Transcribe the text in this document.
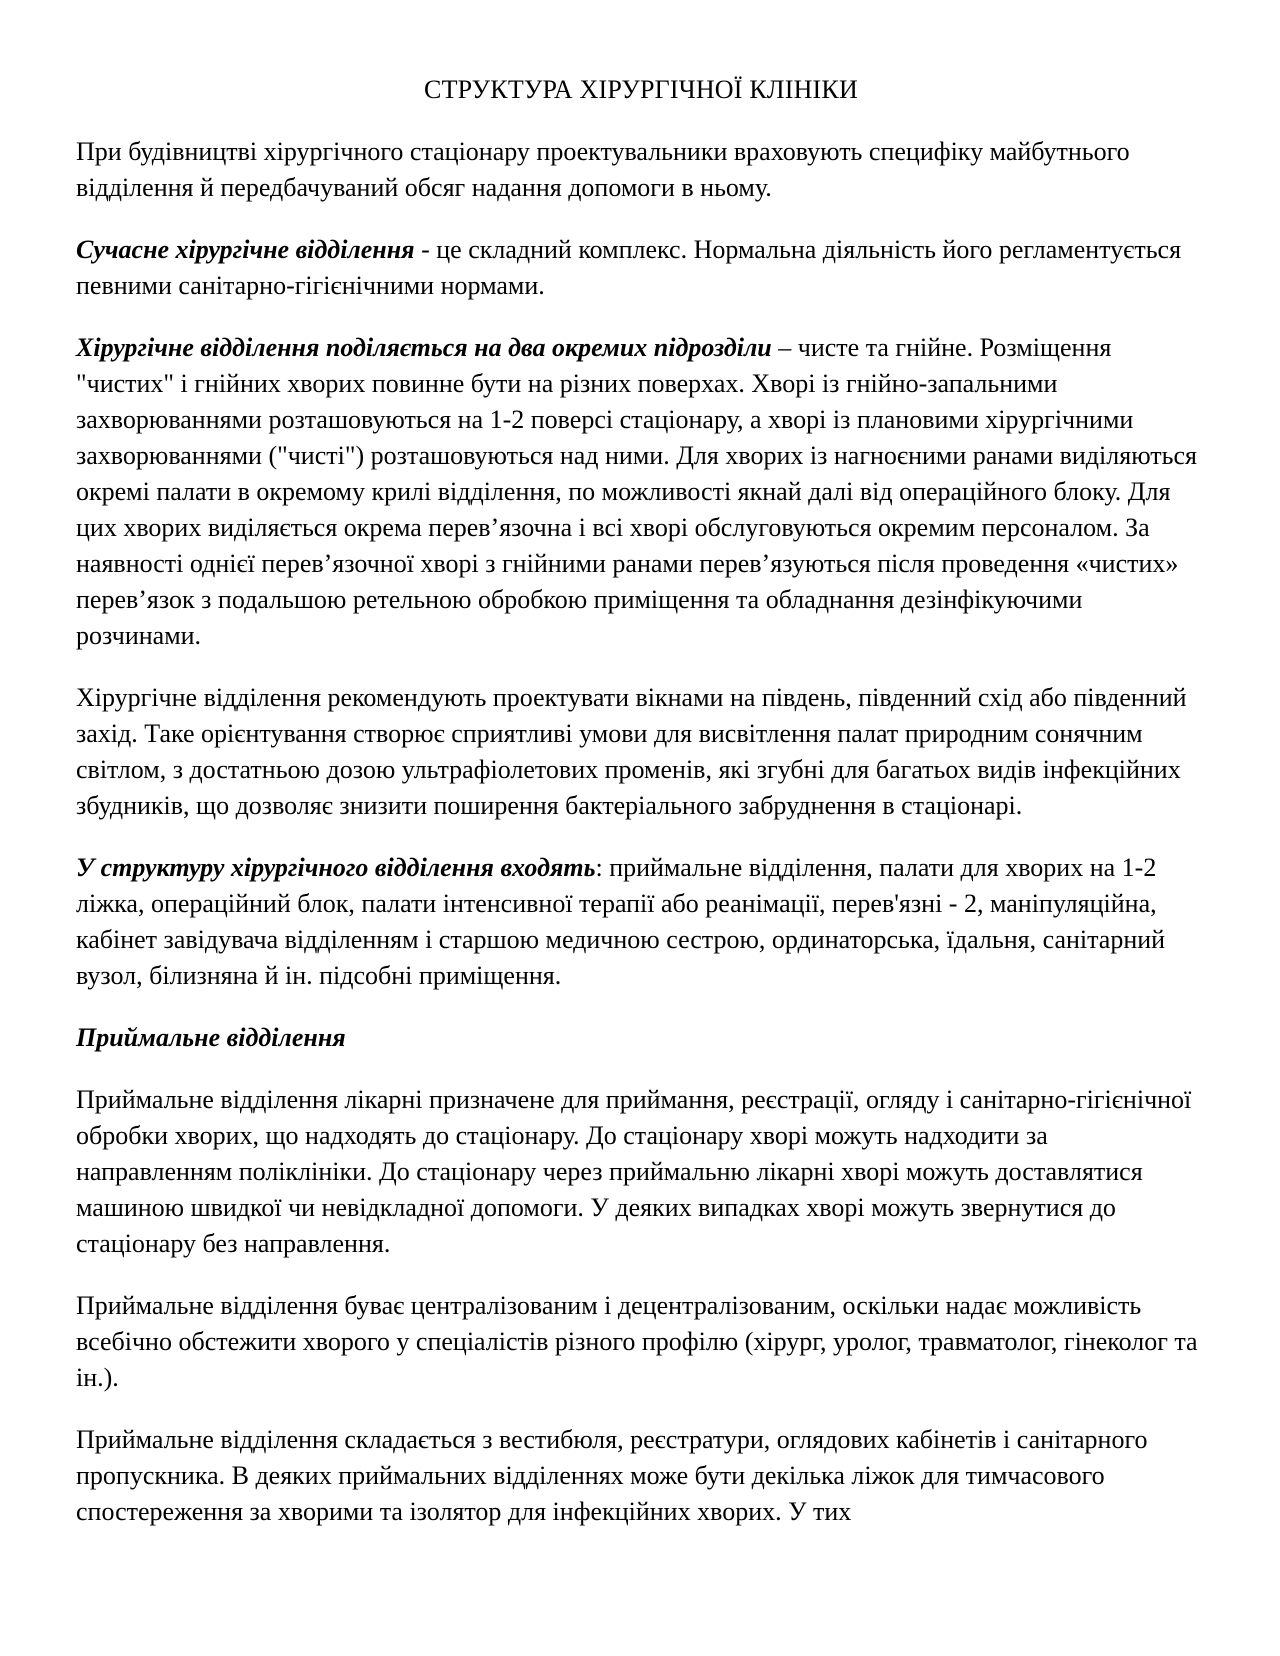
СТРУКТУРА ХІРУРГІЧНОЇ КЛІНІКИ

При будівництві хірургічного стаціонару проектувальники враховують специфіку майбутнього відділення й передбачуваний обсяг надання допомоги в ньому.

Сучасне хірургічне відділення - це складний комплекс. Нормальна діяльність його регламентується певними санітарно-гігієнічними нормами.

Хірургічне відділення поділяється на два окремих підрозділи – чисте та гнійне. Розміщення "чистих" і гнійних хворих повинне бути на різних поверхах. Хворі із гнійно-запальними захворюваннями розташовуються на 1-2 поверсі стаціонару, а хворі із плановими хірургічними захворюваннями ("чисті") розташовуються над ними. Для хворих із нагноєними ранами виділяються окремі палати в окремому крилі відділення, по можливості якнай далі від операційного блоку. Для цих хворих виділяється окрема перев’язочна і всі хворі обслуговуються окремим персоналом. За наявності однієї перев’язочної хворі з гнійними ранами перев’язуються після проведення «чистих» перев’язок з подальшою ретельною обробкою приміщення та обладнання дезінфікуючими розчинами.

Хірургічне відділення рекомендують проектувати вікнами на південь, південний схід або південний захід. Таке орієнтування створює сприятливі умови для висвітлення палат природним сонячним світлом, з достатньою дозою ультрафіолетових променів, які згубні для багатьох видів інфекційних збудників, що дозволяє знизити поширення бактеріального забруднення в стаціонарі.

У структуру хірургічного відділення входять: приймальне відділення, палати для хворих на 1-2 ліжка, операційний блок, палати інтенсивної терапії або реанімації, перев'язні - 2, маніпуляційна, кабінет завідувача відділенням і старшою медичною сестрою, ординаторська, їдальня, санітарний вузол, білизняна й ін. підсобні приміщення.

Приймальне відділення

Приймальне відділення лікарні призначене для приймання, реєстрації, огляду і санітарно-гігієнічної обробки хворих, що надходять до стаціонару. До стаціонару хворі можуть надходити за направленням поліклініки. До стаціонару через приймальню лікарні хворі можуть доставлятися машиною швидкої чи невідкладної допомоги. У деяких випадках хворі можуть звернутися до стаціонару без направлення.

Приймальне відділення буває централізованим і децентралізованим, оскільки надає можливість всебічно обстежити хворого у спеціалістів різного профілю (хірург, уролог, травматолог, гінеколог та ін.).

Приймальне відділення складається з вестибюля, реєстратури, оглядових кабінетів і санітарного пропускника. В деяких приймальних відділеннях може бути декілька ліжок для тимчасового спостереження за хворими та ізолятор для інфекційних хворих. У тих
